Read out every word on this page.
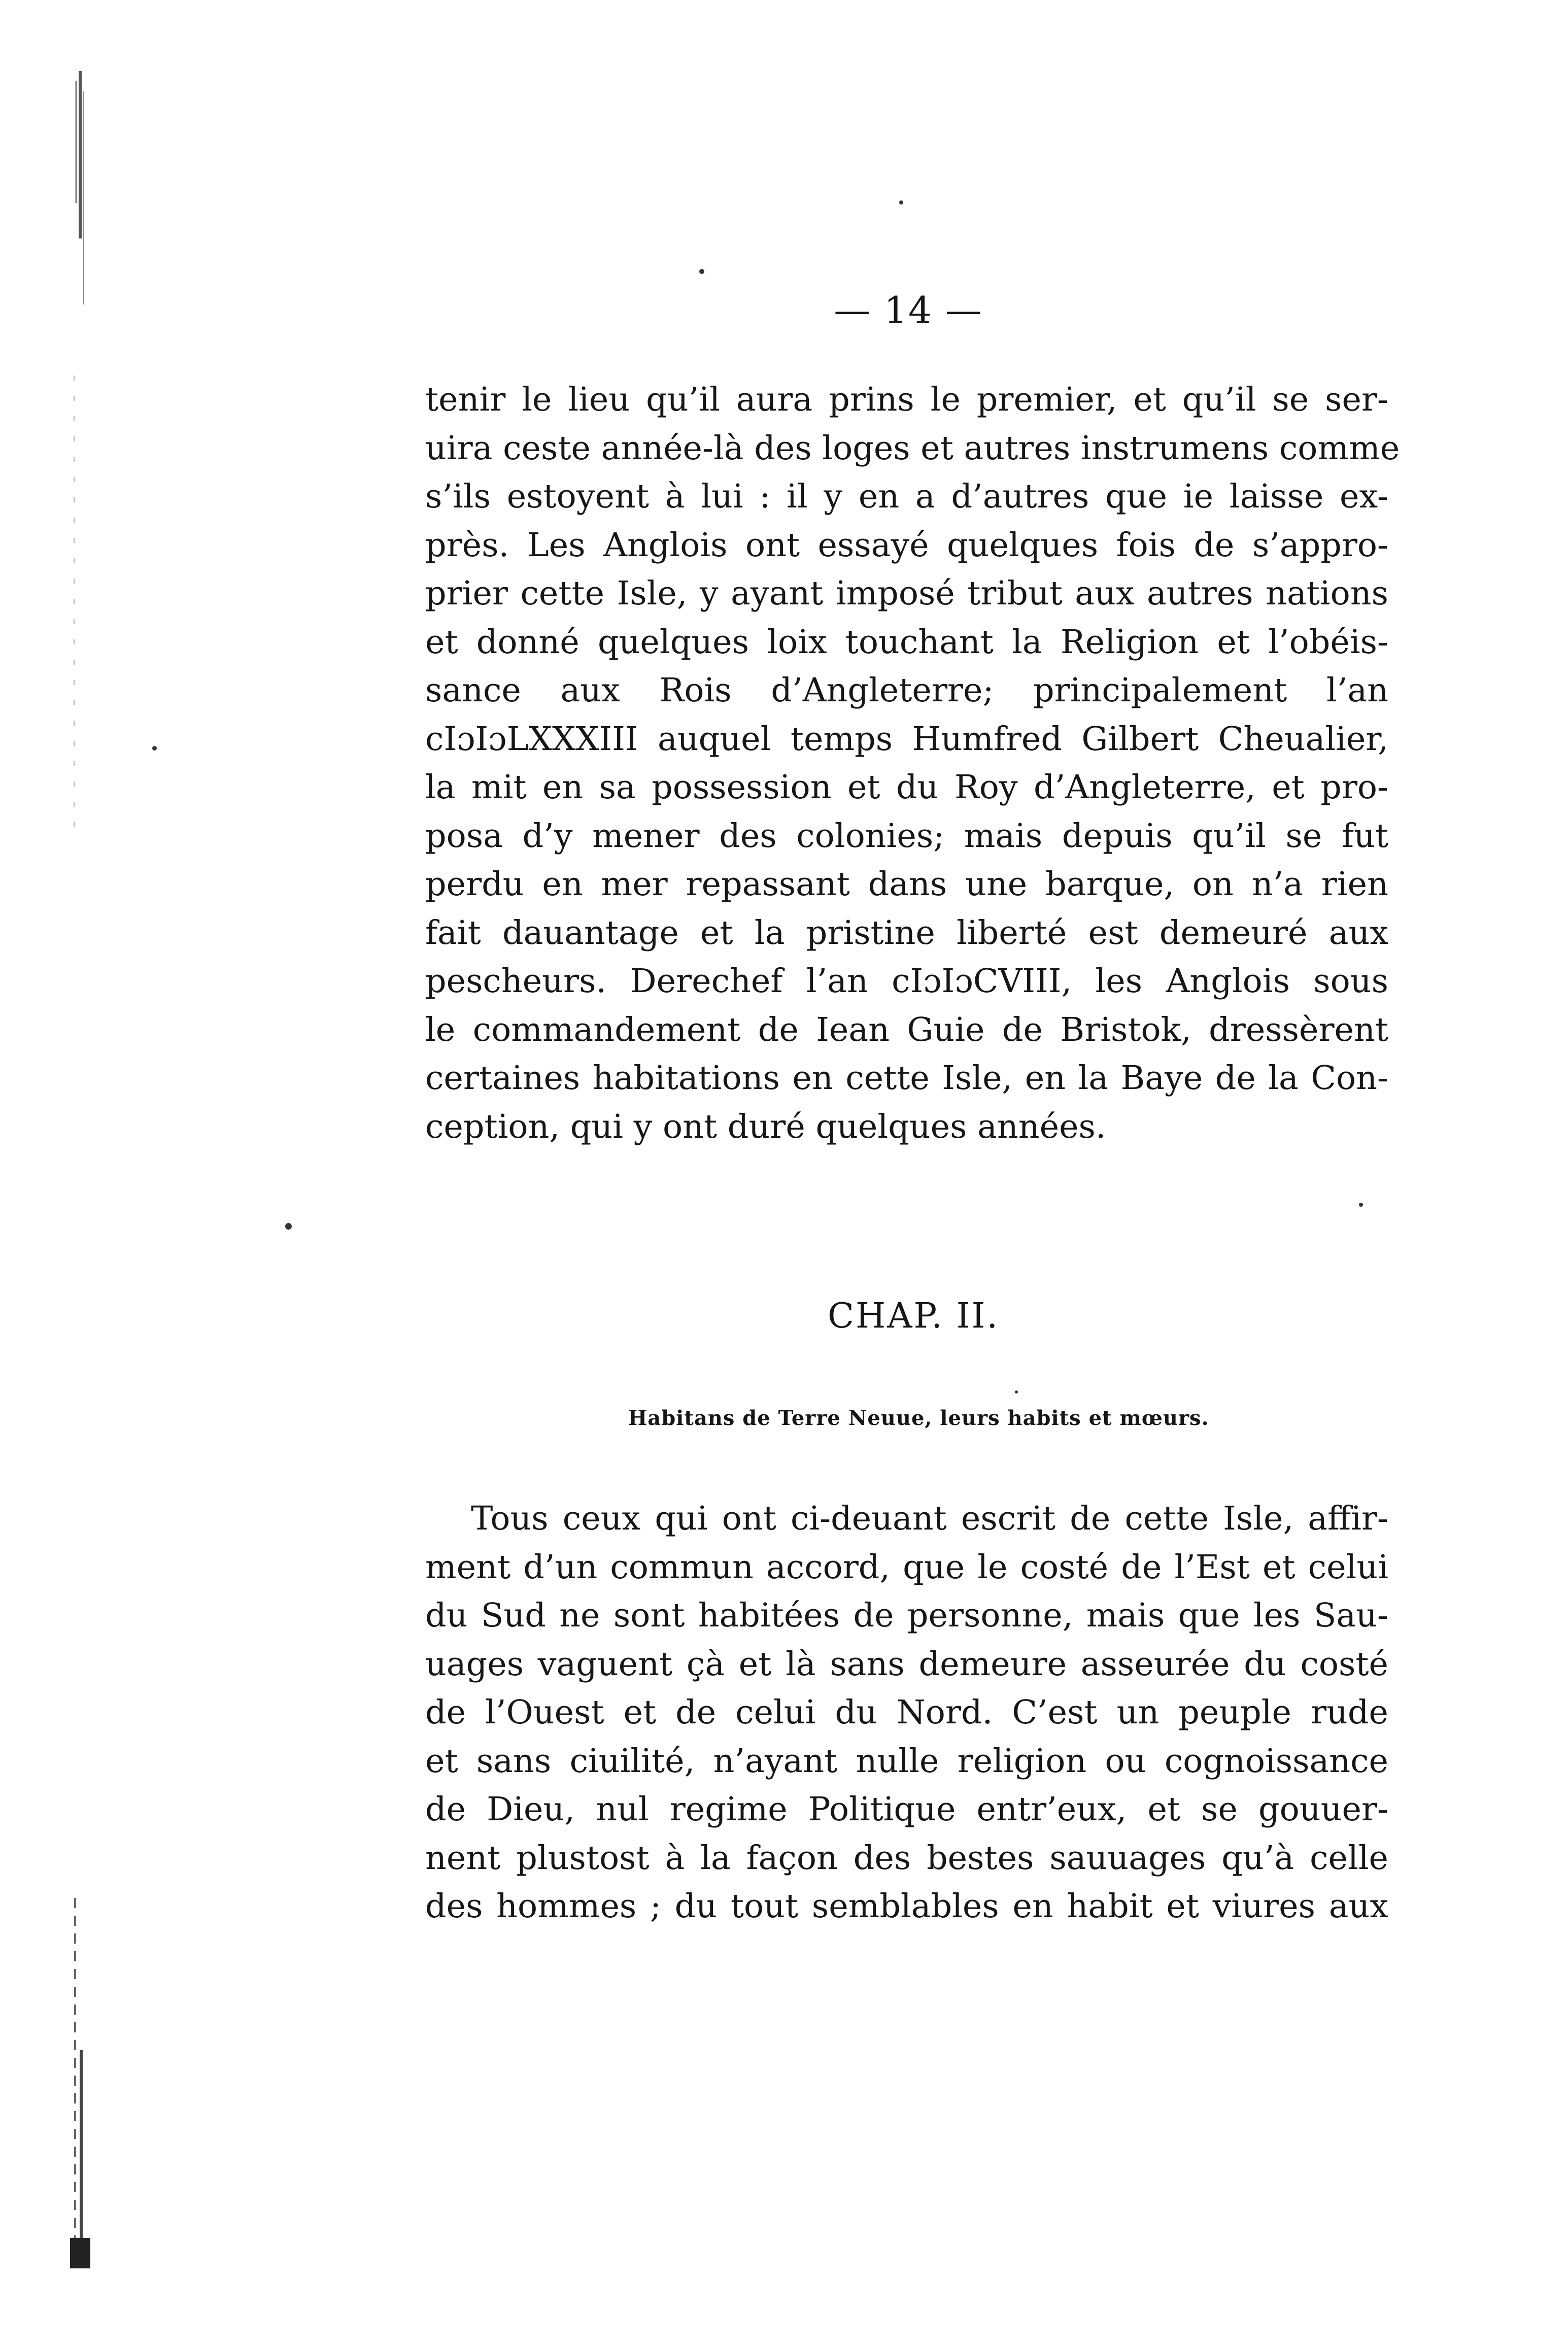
— 14 —
tenir le lieu qu’il aura prins le premier, et qu’il se ser-
uira ceste année-là des loges et autres instrumens comme
s’ils estoyent à lui : il y en a d’autres que ie laisse ex-
près. Les Anglois ont essayé quelques fois de s’appro-
prier cette Isle, y ayant imposé tribut aux autres nations
et donné quelques loix touchant la Religion et l’obéis-
sance aux Rois d’Angleterre; principalement l’an
cIɔIɔLXXXIII auquel temps Humfred Gilbert Cheualier,
la mit en sa possession et du Roy d’Angleterre, et pro-
posa d’y mener des colonies; mais depuis qu’il se fut
perdu en mer repassant dans une barque, on n’a rien
fait dauantage et la pristine liberté est demeuré aux
pescheurs. Derechef l’an cIɔIɔCVIII, les Anglois sous
le commandement de Iean Guie de Bristok, dressèrent
certaines habitations en cette Isle, en la Baye de la Con-
ception, qui y ont duré quelques années.
CHAP. II.
Habitans de Terre Neuue, leurs habits et mœurs.
Tous ceux qui ont ci-deuant escrit de cette Isle, affir-
ment d’un commun accord, que le costé de l’Est et celui
du Sud ne sont habitées de personne, mais que les Sau-
uages vaguent çà et là sans demeure asseurée du costé
de l’Ouest et de celui du Nord. C’est un peuple rude
et sans ciuilité, n’ayant nulle religion ou cognoissance
de Dieu, nul regime Politique entr’eux, et se gouuer-
nent plustost à la façon des bestes sauuages qu’à celle
des hommes ; du tout semblables en habit et viures aux
